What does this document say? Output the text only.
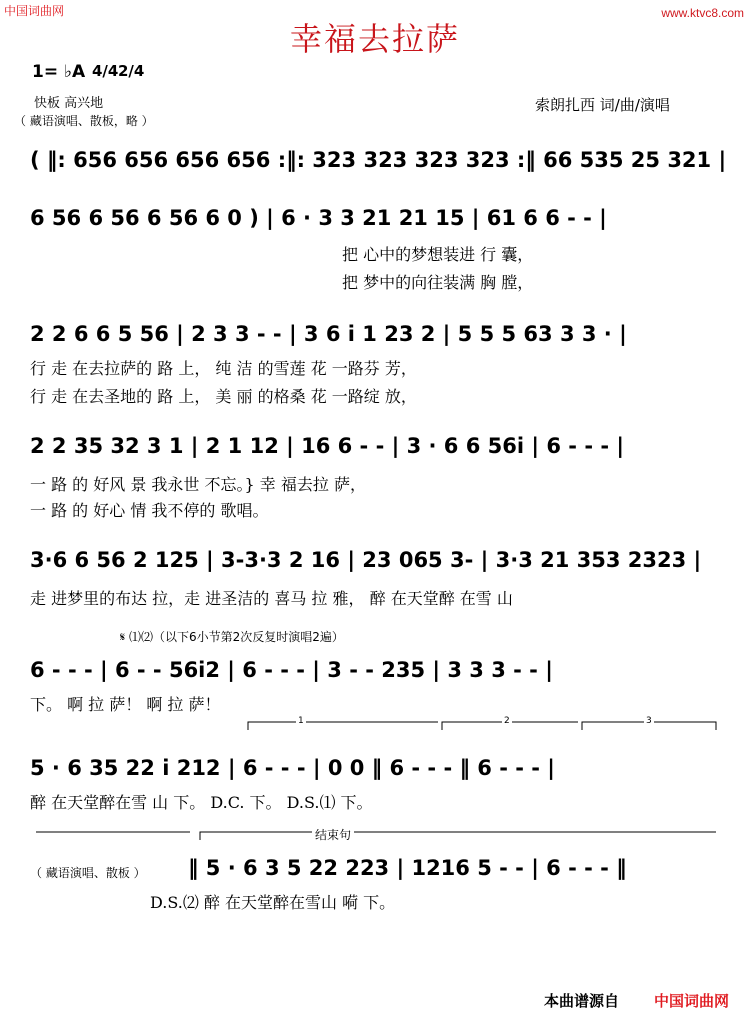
中国词曲网	www.ktvc8.com
幸福去拉萨
1= ♭A 4/4 2/4
快板 高兴地
（ 藏语演唱、散板，略 ）
索朗扎西 词/曲/演唱
( ‖: 656 656 656 656 :‖: 323 323 323 323 :‖ 66 535 25 321 |
6 56 6 56 6 56 6 0 ) | 6 · 3 3 21 21 15 | 61 6 6 - - |
把 心中的梦想装进 行 囊，
把 梦中的向往装满 胸 膛，
2 2 6 6 5 56 | 2 3 3 - - | 3 6 i 1 23 2 | 5 5 5 63 3 3 · |
行 走 在去拉萨的 路 上， 纯 洁 的雪莲 花 一路芬 芳，
行 走 在去圣地的 路 上， 美 丽 的格桑 花 一路绽 放，
2 2 35 32 3 1 | 2 1 12 | 16 6 - - | 3 · 6 6 56i | 6 - - - |
一 路 的 好风 景 我永世 不忘。} 幸 福去拉 萨，
一 路 的 好心 情 我不停的 歌唱。
3·6 6 56 2 125 | 3-3·3 2 16 | 23 065 3- | 3·3 21 353 2323 |
走 进梦里的布达 拉，走 进圣洁的 喜马 拉 雅， 醉 在天堂醉 在雪 山
𝄋 ⑴⑵（以下6小节第2次反复时演唱2遍）
6 - - - | 6 - - 56i2 | 6 - - - | 3 - - 235 | 3 3 3 - - |
下。 啊 拉 萨！ 啊 拉 萨！
1	2	3
5 · 6 35 22 i 212 | 6 - - - | 0 0 ‖ 6 - - - ‖ 6 - - - |
醉 在天堂醉在雪 山 下。 D.C. 下。 D.S.⑴ 下。
结束句
（ 藏语演唱、散板 ） ‖ 5 · 6 3 5 22 223 | 1216 5 - - | 6 - - - ‖
D.S.⑵ 醉 在天堂醉在雪山 嗬 下。
本曲谱源自 中国词曲网
